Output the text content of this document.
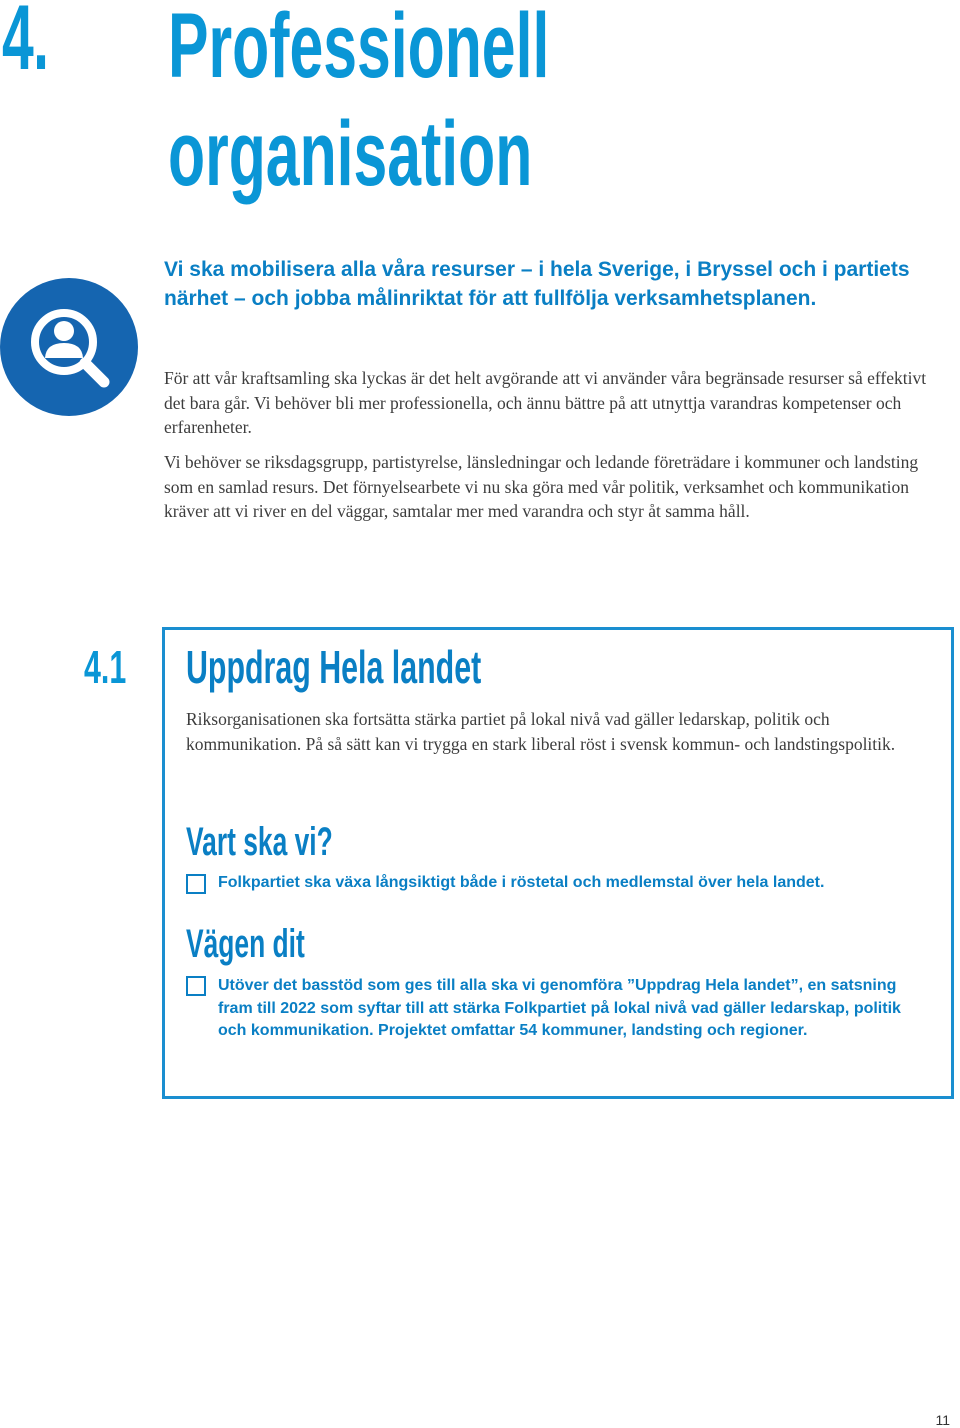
4. Professionell
organisation
Vi ska mobilisera alla våra resurser – i hela Sverige, i Bryssel och i partiets närhet – och jobba målinriktat för att fullfölja verksamhetsplanen.
För att vår kraftsamling ska lyckas är det helt avgörande att vi använder våra begränsade resurser så effektivt det bara går. Vi behöver bli mer professionella, och ännu bättre på att utnyttja varandras kompetenser och erfarenheter.
Vi behöver se riksdagsgrupp, partistyrelse, länsledningar och ledande företrädare i kommuner och landsting som en samlad resurs. Det förnyelsearbete vi nu ska göra med vår politik, verksamhet och kommunikation kräver att vi river en del väggar, samtalar mer med varandra och styr åt samma håll.
4.1 Uppdrag Hela landet
Riksorganisationen ska fortsätta stärka partiet på lokal nivå vad gäller ledarskap, politik och kommunikation. På så sätt kan vi trygga en stark liberal röst i svensk kommun- och landstingspolitik.
Vart ska vi?
Folkpartiet ska växa långsiktigt både i röstetal och medlemstal över hela landet.
Vägen dit
Utöver det basstöd som ges till alla ska vi genomföra ”Uppdrag Hela landet”, en satsning fram till 2022 som syftar till att stärka Folkpartiet på lokal nivå vad gäller ledarskap, politik och kommunikation. Projektet omfattar 54 kommuner, landsting och regioner.
11
